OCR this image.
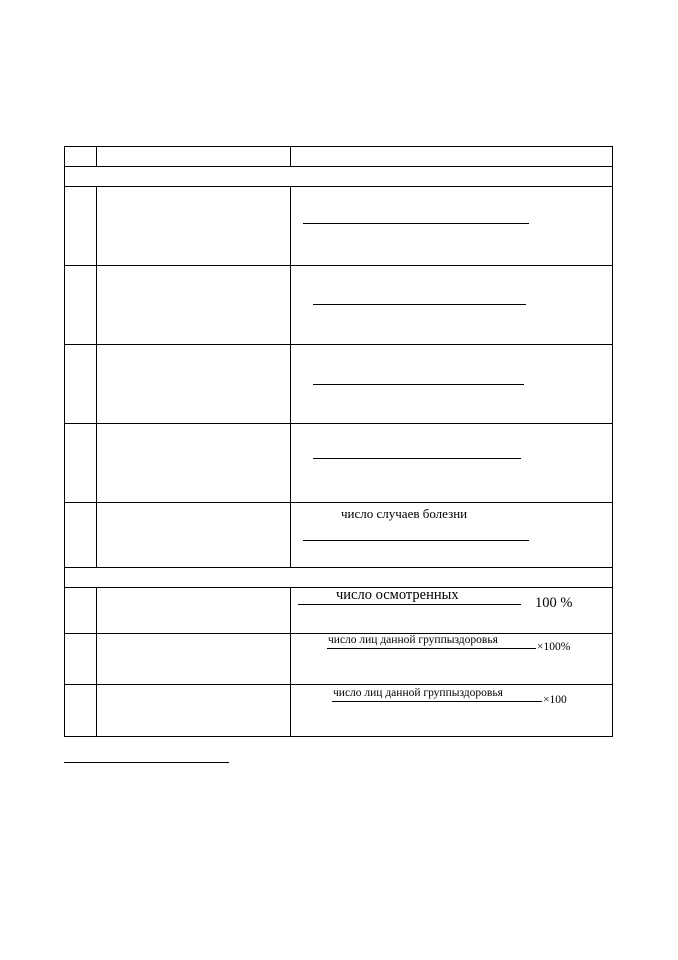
число случаев болезни
число осмотренных	100 %
число лиц данной группыздоровья
×100%
число лиц данной группыздоровья
×100
